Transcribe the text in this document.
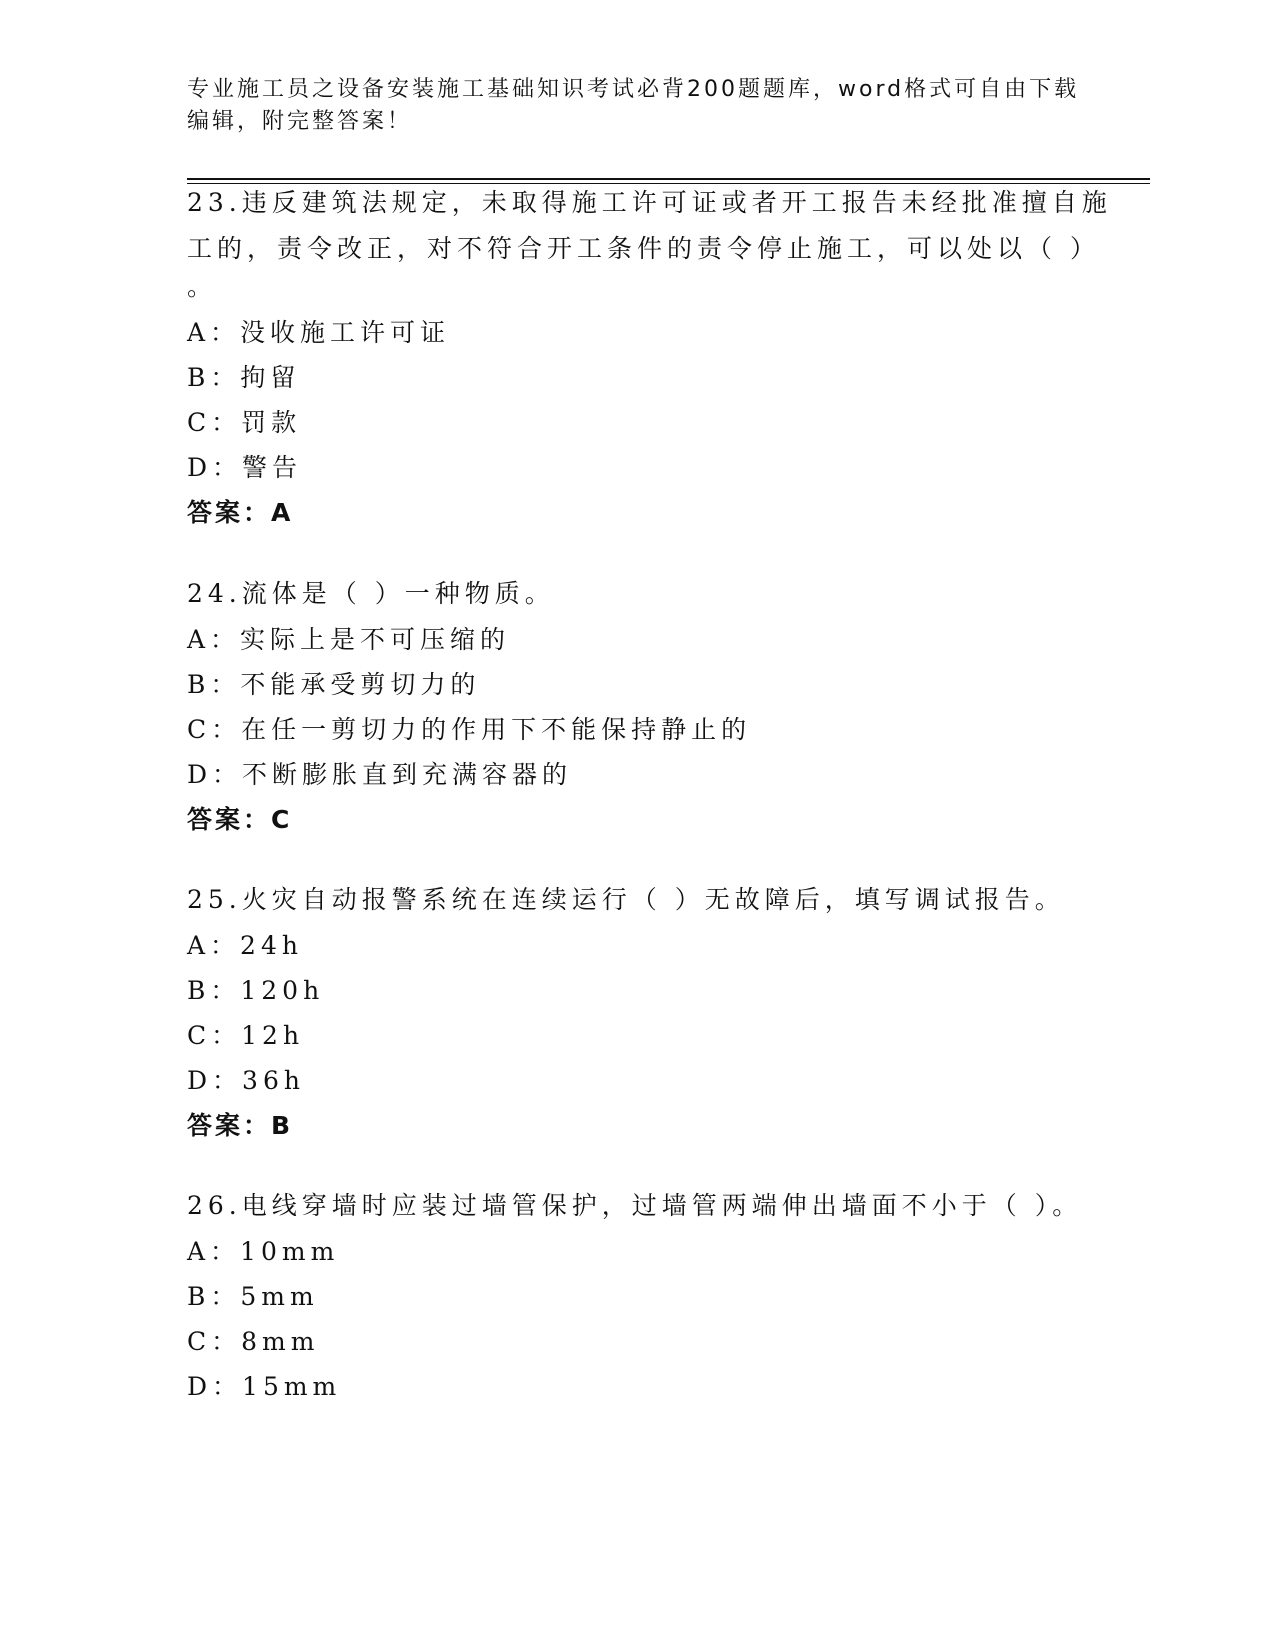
专业施工员之设备安装施工基础知识考试必背200题题库，word格式可自由下载
编辑，附完整答案！
23.违反建筑法规定，未取得施工许可证或者开工报告未经批准擅自施
工的，责令改正，对不符合开工条件的责令停止施工，可以处以（ ）
。
A：没收施工许可证
B：拘留
C：罚款
D：警告
答案：A
24.流体是（ ）一种物质。
A：实际上是不可压缩的
B：不能承受剪切力的
C：在任一剪切力的作用下不能保持静止的
D：不断膨胀直到充满容器的
答案：C
25.火灾自动报警系统在连续运行（ ）无故障后，填写调试报告。
A：24h
B：120h
C：12h
D：36h
答案：B
26.电线穿墙时应装过墙管保护，过墙管两端伸出墙面不小于（ ）。
A：10mm
B：5mm
C：8mm
D：15mm
